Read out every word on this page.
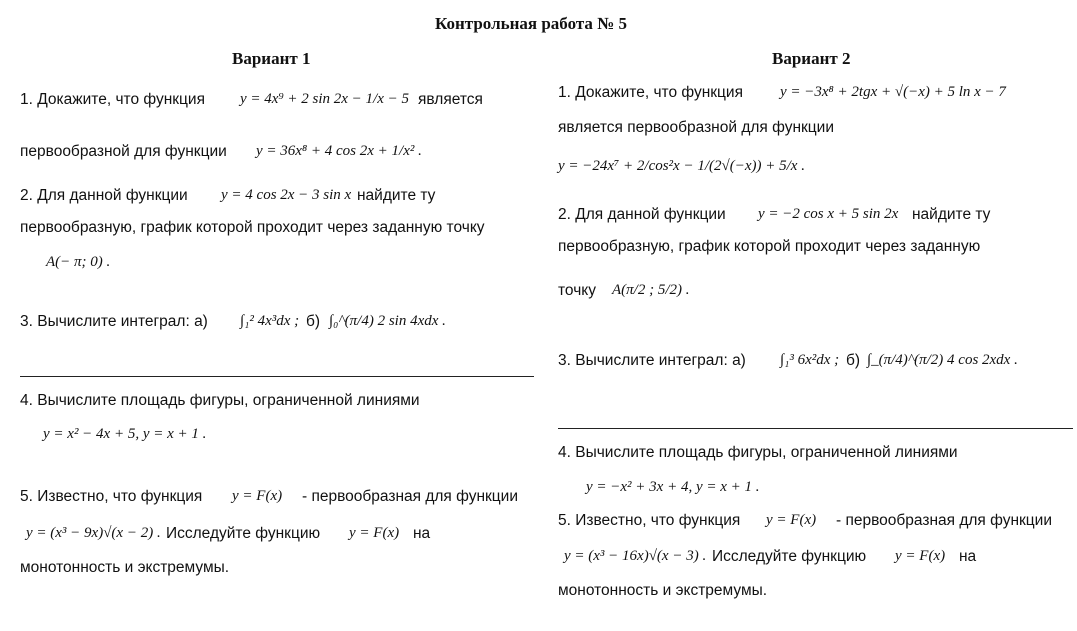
Контрольная работа № 5
Вариант 1
1. Докажите, что функция y = 4x⁹ + 2 sin 2x − 1/x − 5 является
первообразной для функции y = 36x⁸ + 4 cos 2x + 1/x² .
2. Для данной функции y = 4 cos 2x − 3 sin x найдите ту
первообразную, график которой проходит через заданную точку
A(− π; 0) .
3. Вычислите интеграл: а) ∫₁² 4x³dx ; б) ∫₀^(π/4) 2 sin 4xdx .
4. Вычислите площадь фигуры, ограниченной линиями
y = x² − 4x + 5, y = x + 1 .
5. Известно, что функция y = F(x) - первообразная для функции
y = (x³ − 9x)√(x − 2) . Исследуйте функцию y = F(x) на
монотонность и экстремумы.
Вариант 2
1. Докажите, что функция y = −3x⁸ + 2tgx + √(−x) + 5 ln x − 7
является первообразной для функции
y = −24x⁷ + 2/cos²x − 1/(2√(−x)) + 5/x .
2. Для данной функции y = −2 cos x + 5 sin 2x найдите ту
первообразную, график которой проходит через заданную
точку A(π/2 ; 5/2) .
3. Вычислите интеграл: а) ∫₁³ 6x²dx ; б) ∫_(π/4)^(π/2) 4 cos 2xdx .
4. Вычислите площадь фигуры, ограниченной линиями
y = −x² + 3x + 4, y = x + 1 .
5. Известно, что функция y = F(x) - первообразная для функции
y = (x³ − 16x)√(x − 3) . Исследуйте функцию y = F(x) на
монотонность и экстремумы.
